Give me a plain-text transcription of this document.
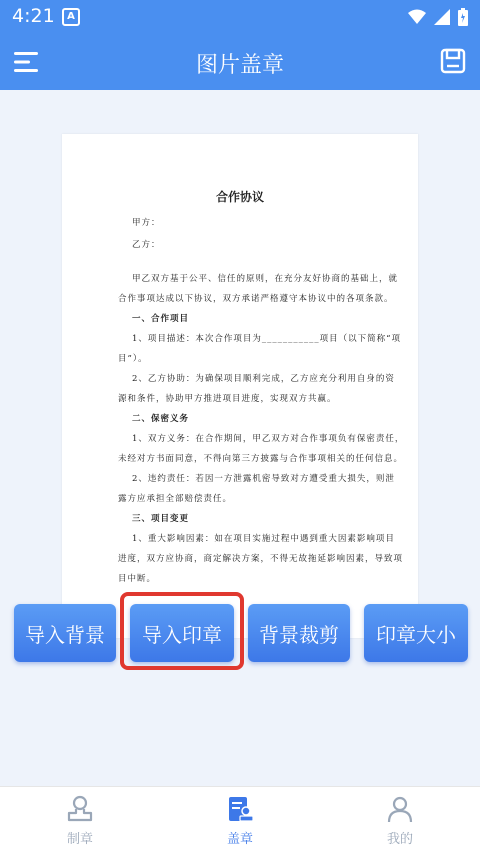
4:21	A
图片盖章
合作协议
甲方：
乙方：
甲乙双方基于公平、信任的原则，在充分友好协商的基础上，就
合作事项达成以下协议，双方承诺严格遵守本协议中的各项条款。
一、合作项目
1、项目描述：本次合作项目为___________项目（以下简称“项
目”）。
2、乙方协助：为确保项目顺利完成，乙方应充分利用自身的资
源和条件，协助甲方推进项目进度，实现双方共赢。
二、保密义务
1、双方义务：在合作期间，甲乙双方对合作事项负有保密责任，
未经对方书面同意，不得向第三方披露与合作事项相关的任何信息。
2、违约责任：若因一方泄露机密导致对方遭受重大损失，则泄
露方应承担全部赔偿责任。
三、项目变更
1、重大影响因素：如在项目实施过程中遇到重大因素影响项目
进度，双方应协商，商定解决方案，不得无故拖延影响因素，导致项
目中断。
导入背景	导入印章	背景裁剪	印章大小
制章	盖章	我的
